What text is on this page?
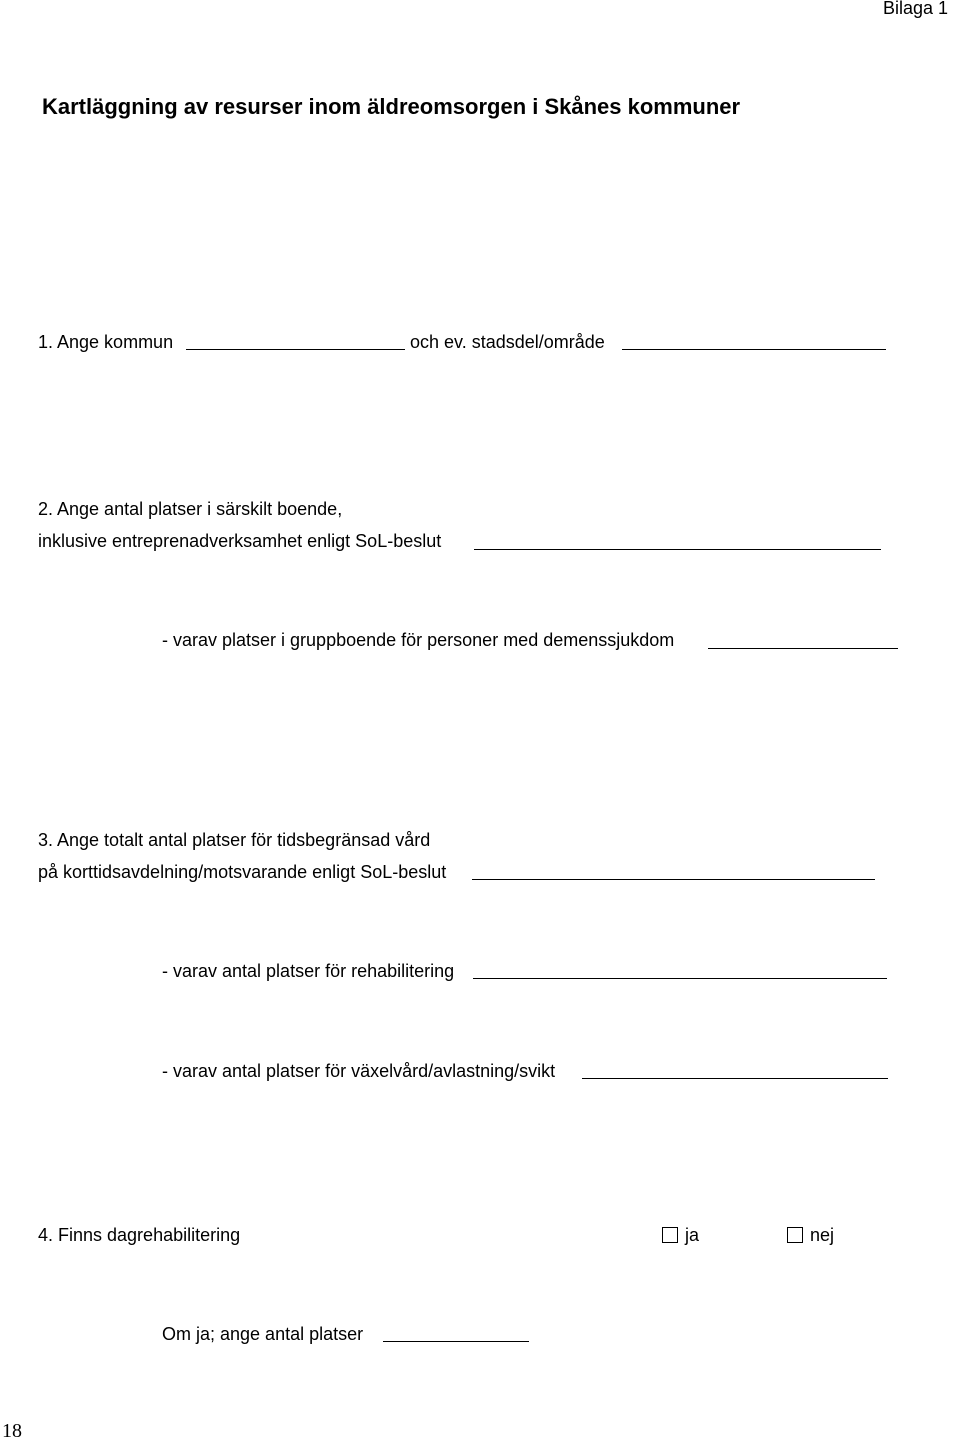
Bilaga 1
Kartläggning av resurser inom äldreomsorgen i Skånes kommuner
1. Ange kommun	och ev. stadsdel/område
2. Ange antal platser i särskilt boende,
inklusive entreprenadverksamhet enligt SoL-beslut
- varav platser i gruppboende för personer med demenssjukdom
3. Ange totalt antal platser för tidsbegränsad vård
på korttidsavdelning/motsvarande enligt SoL-beslut
- varav antal platser för rehabilitering
- varav antal platser för växelvård/avlastning/svikt
4. Finns dagrehabilitering	ja	nej
Om ja; ange antal platser
18
